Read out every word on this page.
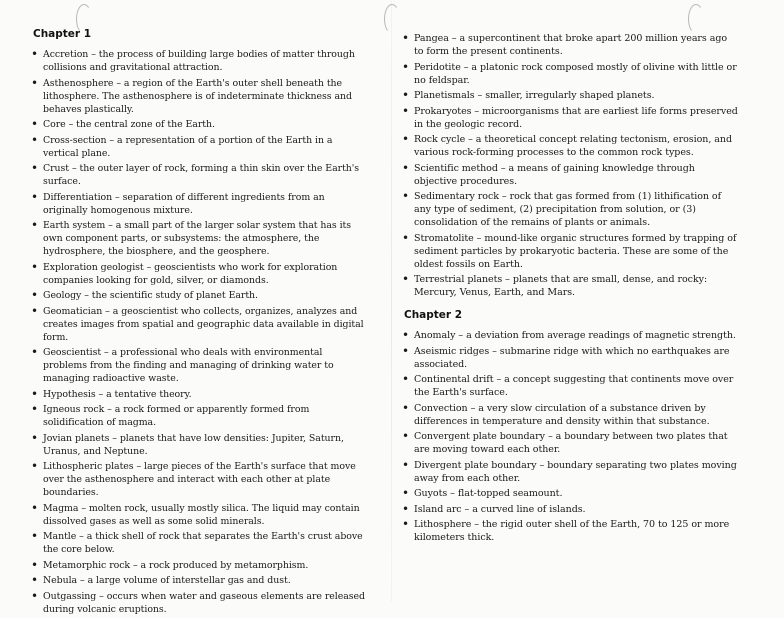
Chapter 1
• Accretion – the process of building large bodies of matter through collisions and gravitational attraction.
• Asthenosphere – a region of the Earth's outer shell beneath the lithosphere. The asthenosphere is of indeterminate thickness and behaves plastically.
• Core – the central zone of the Earth.
• Cross-section – a representation of a portion of the Earth in a vertical plane.
• Crust – the outer layer of rock, forming a thin skin over the Earth's surface.
• Differentiation – separation of different ingredients from an originally homogenous mixture.
• Earth system – a small part of the larger solar system that has its own component parts, or subsystems: the atmosphere, the hydrosphere, the biosphere, and the geosphere.
• Exploration geologist – geoscientists who work for exploration companies looking for gold, silver, or diamonds.
• Geology – the scientific study of planet Earth.
• Geomatician – a geoscientist who collects, organizes, analyzes and creates images from spatial and geographic data available in digital form.
• Geoscientist – a professional who deals with environmental problems from the finding and managing of drinking water to managing radioactive waste.
• Hypothesis – a tentative theory.
• Igneous rock – a rock formed or apparently formed from solidification of magma.
• Jovian planets – planets that have low densities: Jupiter, Saturn, Uranus, and Neptune.
• Lithospheric plates – large pieces of the Earth's surface that move over the asthenosphere and interact with each other at plate boundaries.
• Magma – molten rock, usually mostly silica. The liquid may contain dissolved gases as well as some solid minerals.
• Mantle – a thick shell of rock that separates the Earth's crust above the core below.
• Metamorphic rock – a rock produced by metamorphism.
• Nebula – a large volume of interstellar gas and dust.
• Outgassing – occurs when water and gaseous elements are released during volcanic eruptions.
• Pangea – a supercontinent that broke apart 200 million years ago to form the present continents.
• Peridotite – a platonic rock composed mostly of olivine with little or no feldspar.
• Planetismals – smaller, irregularly shaped planets.
• Prokaryotes – microorganisms that are earliest life forms preserved in the geologic record.
• Rock cycle – a theoretical concept relating tectonism, erosion, and various rock-forming processes to the common rock types.
• Scientific method – a means of gaining knowledge through objective procedures.
• Sedimentary rock – rock that gas formed from (1) lithification of any type of sediment, (2) precipitation from solution, or (3) consolidation of the remains of plants or animals.
• Stromatolite – mound-like organic structures formed by trapping of sediment particles by prokaryotic bacteria. These are some of the oldest fossils on Earth.
• Terrestrial planets – planets that are small, dense, and rocky: Mercury, Venus, Earth, and Mars.
Chapter 2
• Anomaly – a deviation from average readings of magnetic strength.
• Aseismic ridges – submarine ridge with which no earthquakes are associated.
• Continental drift – a concept suggesting that continents move over the Earth's surface.
• Convection – a very slow circulation of a substance driven by differences in temperature and density within that substance.
• Convergent plate boundary – a boundary between two plates that are moving toward each other.
• Divergent plate boundary – boundary separating two plates moving away from each other.
• Guyots – flat-topped seamount.
• Island arc – a curved line of islands.
• Lithosphere – the rigid outer shell of the Earth, 70 to 125 or more kilometers thick.
